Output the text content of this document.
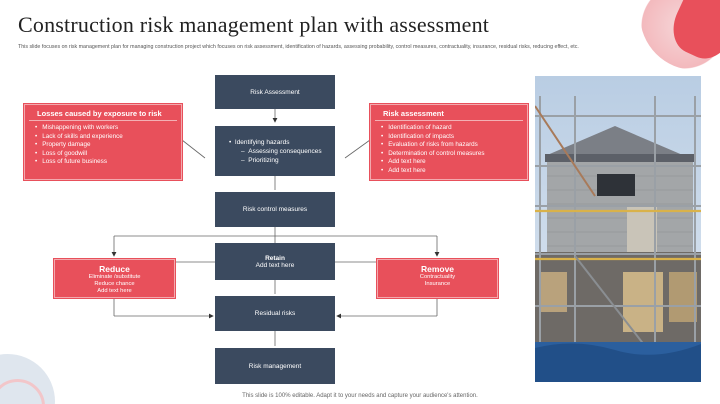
Construction risk management plan with assessment
This slide focuses on risk management plan for managing construction project which focuses on risk assessment, identification of hazards, assessing probability, control measures, contractuality, insurance, residual risks, reducing effect, etc.
Risk Assessment
•  Identifying hazards
–  Assessing consequences
–  Prioritizing
Risk control measures
Retain
Add text here
Residual risks
Risk management
Losses caused by exposure to risk
• Mishappening with workers
• Lack of skills and experience
• Property damage
• Loss of goodwill
• Loss of future business
Risk assessment
• Identification of hazard
• Identification of impacts
• Evaluation of risks from hazards
• Determination of control measures
• Add text here
• Add text here
Reduce
Eliminate /substitute
Reduce chance
Add text here
Remove
Contractuality
Insurance
This slide is 100% editable. Adapt it to your needs and capture your audience's attention.
